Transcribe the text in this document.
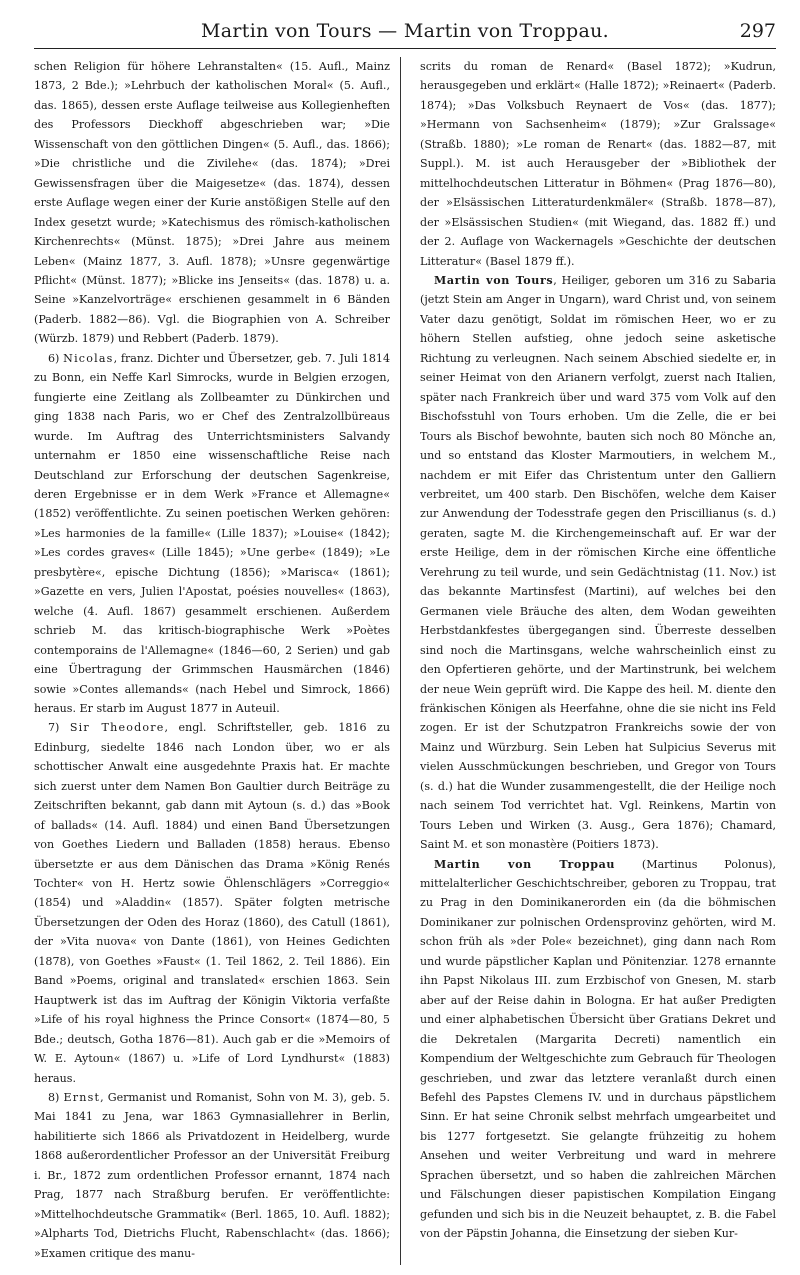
Martin von Tours — Martin von Troppau.	297

schen Religion für höhere Lehranstalten« (15. Aufl., Mainz 1873, 2 Bde.); »Lehrbuch der katholischen Moral« (5. Aufl., das. 1865), dessen erste Auflage teilweise aus Kollegienheften des Professors Dieckhoff abgeschrieben war; »Die Wissenschaft von den göttlichen Dingen« (5. Aufl., das. 1866); »Die christliche und die Zivilehe« (das. 1874); »Drei Gewissensfragen über die Maigesetze« (das. 1874), dessen erste Auflage wegen einer der Kurie anstößigen Stelle auf den Index gesetzt wurde; »Katechismus des römisch-katholischen Kirchenrechts« (Münst. 1875); »Drei Jahre aus meinem Leben« (Mainz 1877, 3. Aufl. 1878); »Unsre gegenwärtige Pflicht« (Münst. 1877); »Blicke ins Jenseits« (das. 1878) u. a. Seine »Kanzelvorträge« erschienen gesammelt in 6 Bänden (Paderb. 1882—86). Vgl. die Biographien von A. Schreiber (Würzb. 1879) und Rebbert (Paderb. 1879).

6) Nicolas, franz. Dichter und Übersetzer, geb. 7. Juli 1814 zu Bonn, ein Neffe Karl Simrocks, wurde in Belgien erzogen, fungierte eine Zeitlang als Zollbeamter zu Dünkirchen und ging 1838 nach Paris, wo er Chef des Zentralzollbüreaus wurde. Im Auftrag des Unterrichtsministers Salvandy unternahm er 1850 eine wissenschaftliche Reise nach Deutschland zur Erforschung der deutschen Sagenkreise, deren Ergebnisse er in dem Werk »France et Allemagne« (1852) veröffentlichte. Zu seinen poetischen Werken gehören: »Les harmonies de la famille« (Lille 1837); »Louise« (1842); »Les cordes graves« (Lille 1845); »Une gerbe« (1849); »Le presbytère«, epische Dichtung (1856); »Marisca« (1861); »Gazette en vers, Julien l'Apostat, poésies nouvelles« (1863), welche (4. Aufl. 1867) gesammelt erschienen. Außerdem schrieb M. das kritisch-biographische Werk »Poètes contemporains de l'Allemagne« (1846—60, 2 Serien) und gab eine Übertragung der Grimmschen Hausmärchen (1846) sowie »Contes allemands« (nach Hebel und Simrock, 1866) heraus. Er starb im August 1877 in Auteuil.

7) Sir Theodore, engl. Schriftsteller, geb. 1816 zu Edinburg, siedelte 1846 nach London über, wo er als schottischer Anwalt eine ausgedehnte Praxis hat. Er machte sich zuerst unter dem Namen Bon Gaultier durch Beiträge zu Zeitschriften bekannt, gab dann mit Aytoun (s. d.) das »Book of ballads« (14. Aufl. 1884) und einen Band Übersetzungen von Goethes Liedern und Balladen (1858) heraus. Ebenso übersetzte er aus dem Dänischen das Drama »König Renés Tochter« von H. Hertz sowie Öhlenschlägers »Correggio« (1854) und »Aladdin« (1857). Später folgten metrische Übersetzungen der Oden des Horaz (1860), des Catull (1861), der »Vita nuova« von Dante (1861), von Heines Gedichten (1878), von Goethes »Faust« (1. Teil 1862, 2. Teil 1886). Ein Band »Poems, original and translated« erschien 1863. Sein Hauptwerk ist das im Auftrag der Königin Viktoria verfaßte »Life of his royal highness the Prince Consort« (1874—80, 5 Bde.; deutsch, Gotha 1876—81). Auch gab er die »Memoirs of W. E. Aytoun« (1867) u. »Life of Lord Lyndhurst« (1883) heraus.

8) Ernst, Germanist und Romanist, Sohn von M. 3), geb. 5. Mai 1841 zu Jena, war 1863 Gymnasiallehrer in Berlin, habilitierte sich 1866 als Privatdozent in Heidelberg, wurde 1868 außerordentlicher Professor an der Universität Freiburg i. Br., 1872 zum ordentlichen Professor ernannt, 1874 nach Prag, 1877 nach Straßburg berufen. Er veröffentlichte: »Mittelhochdeutsche Grammatik« (Berl. 1865, 10. Aufl. 1882); »Alpharts Tod, Dietrichs Flucht, Rabenschlacht« (das. 1866); »Examen critique des manu-

scrits du roman de Renard« (Basel 1872); »Kudrun, herausgegeben und erklärt« (Halle 1872); »Reinaert« (Paderb. 1874); »Das Volksbuch Reynaert de Vos« (das. 1877); »Hermann von Sachsenheim« (1879); »Zur Gralssage« (Straßb. 1880); »Le roman de Renart« (das. 1882—87, mit Suppl.). M. ist auch Herausgeber der »Bibliothek der mittelhochdeutschen Litteratur in Böhmen« (Prag 1876—80), der »Elsässischen Litteraturdenkmäler« (Straßb. 1878—87), der »Elsässischen Studien« (mit Wiegand, das. 1882 ff.) und der 2. Auflage von Wackernagels »Geschichte der deutschen Litteratur« (Basel 1879 ff.).

Martin von Tours, Heiliger, geboren um 316 zu Sabaria (jetzt Stein am Anger in Ungarn), ward Christ und, von seinem Vater dazu genötigt, Soldat im römischen Heer, wo er zu höhern Stellen aufstieg, ohne jedoch seine asketische Richtung zu verleugnen. Nach seinem Abschied siedelte er, in seiner Heimat von den Arianern verfolgt, zuerst nach Italien, später nach Frankreich über und ward 375 vom Volk auf den Bischofsstuhl von Tours erhoben. Um die Zelle, die er bei Tours als Bischof bewohnte, bauten sich noch 80 Mönche an, und so entstand das Kloster Marmoutiers, in welchem M., nachdem er mit Eifer das Christentum unter den Galliern verbreitet, um 400 starb. Den Bischöfen, welche dem Kaiser zur Anwendung der Todesstrafe gegen den Priscillianus (s. d.) geraten, sagte M. die Kirchengemeinschaft auf. Er war der erste Heilige, dem in der römischen Kirche eine öffentliche Verehrung zu teil wurde, und sein Gedächtnistag (11. Nov.) ist das bekannte Martinsfest (Martini), auf welches bei den Germanen viele Bräuche des alten, dem Wodan geweihten Herbstdankfestes übergegangen sind. Überreste desselben sind noch die Martinsgans, welche wahrscheinlich einst zu den Opfertieren gehörte, und der Martinstrunk, bei welchem der neue Wein geprüft wird. Die Kappe des heil. M. diente den fränkischen Königen als Heerfahne, ohne die sie nicht ins Feld zogen. Er ist der Schutzpatron Frankreichs sowie der von Mainz und Würzburg. Sein Leben hat Sulpicius Severus mit vielen Ausschmückungen beschrieben, und Gregor von Tours (s. d.) hat die Wunder zusammengestellt, die der Heilige noch nach seinem Tod verrichtet hat. Vgl. Reinkens, Martin von Tours Leben und Wirken (3. Ausg., Gera 1876); Chamard, Saint M. et son monastère (Poitiers 1873).

Martin von Troppau (Martinus Polonus), mittelalterlicher Geschichtschreiber, geboren zu Troppau, trat zu Prag in den Dominikanerorden ein (da die böhmischen Dominikaner zur polnischen Ordensprovinz gehörten, wird M. schon früh als »der Pole« bezeichnet), ging dann nach Rom und wurde päpstlicher Kaplan und Pönitenziar. 1278 ernannte ihn Papst Nikolaus III. zum Erzbischof von Gnesen, M. starb aber auf der Reise dahin in Bologna. Er hat außer Predigten und einer alphabetischen Übersicht über Gratians Dekret und die Dekretalen (Margarita Decreti) namentlich ein Kompendium der Weltgeschichte zum Gebrauch für Theologen geschrieben, und zwar das letztere veranlaßt durch einen Befehl des Papstes Clemens IV. und in durchaus päpstlichem Sinn. Er hat seine Chronik selbst mehrfach umgearbeitet und bis 1277 fortgesetzt. Sie gelangte frühzeitig zu hohem Ansehen und weiter Verbreitung und ward in mehrere Sprachen übersetzt, und so haben die zahlreichen Märchen und Fälschungen dieser papistischen Kompilation Eingang gefunden und sich bis in die Neuzeit behauptet, z. B. die Fabel von der Päpstin Johanna, die Einsetzung der sieben Kur-
